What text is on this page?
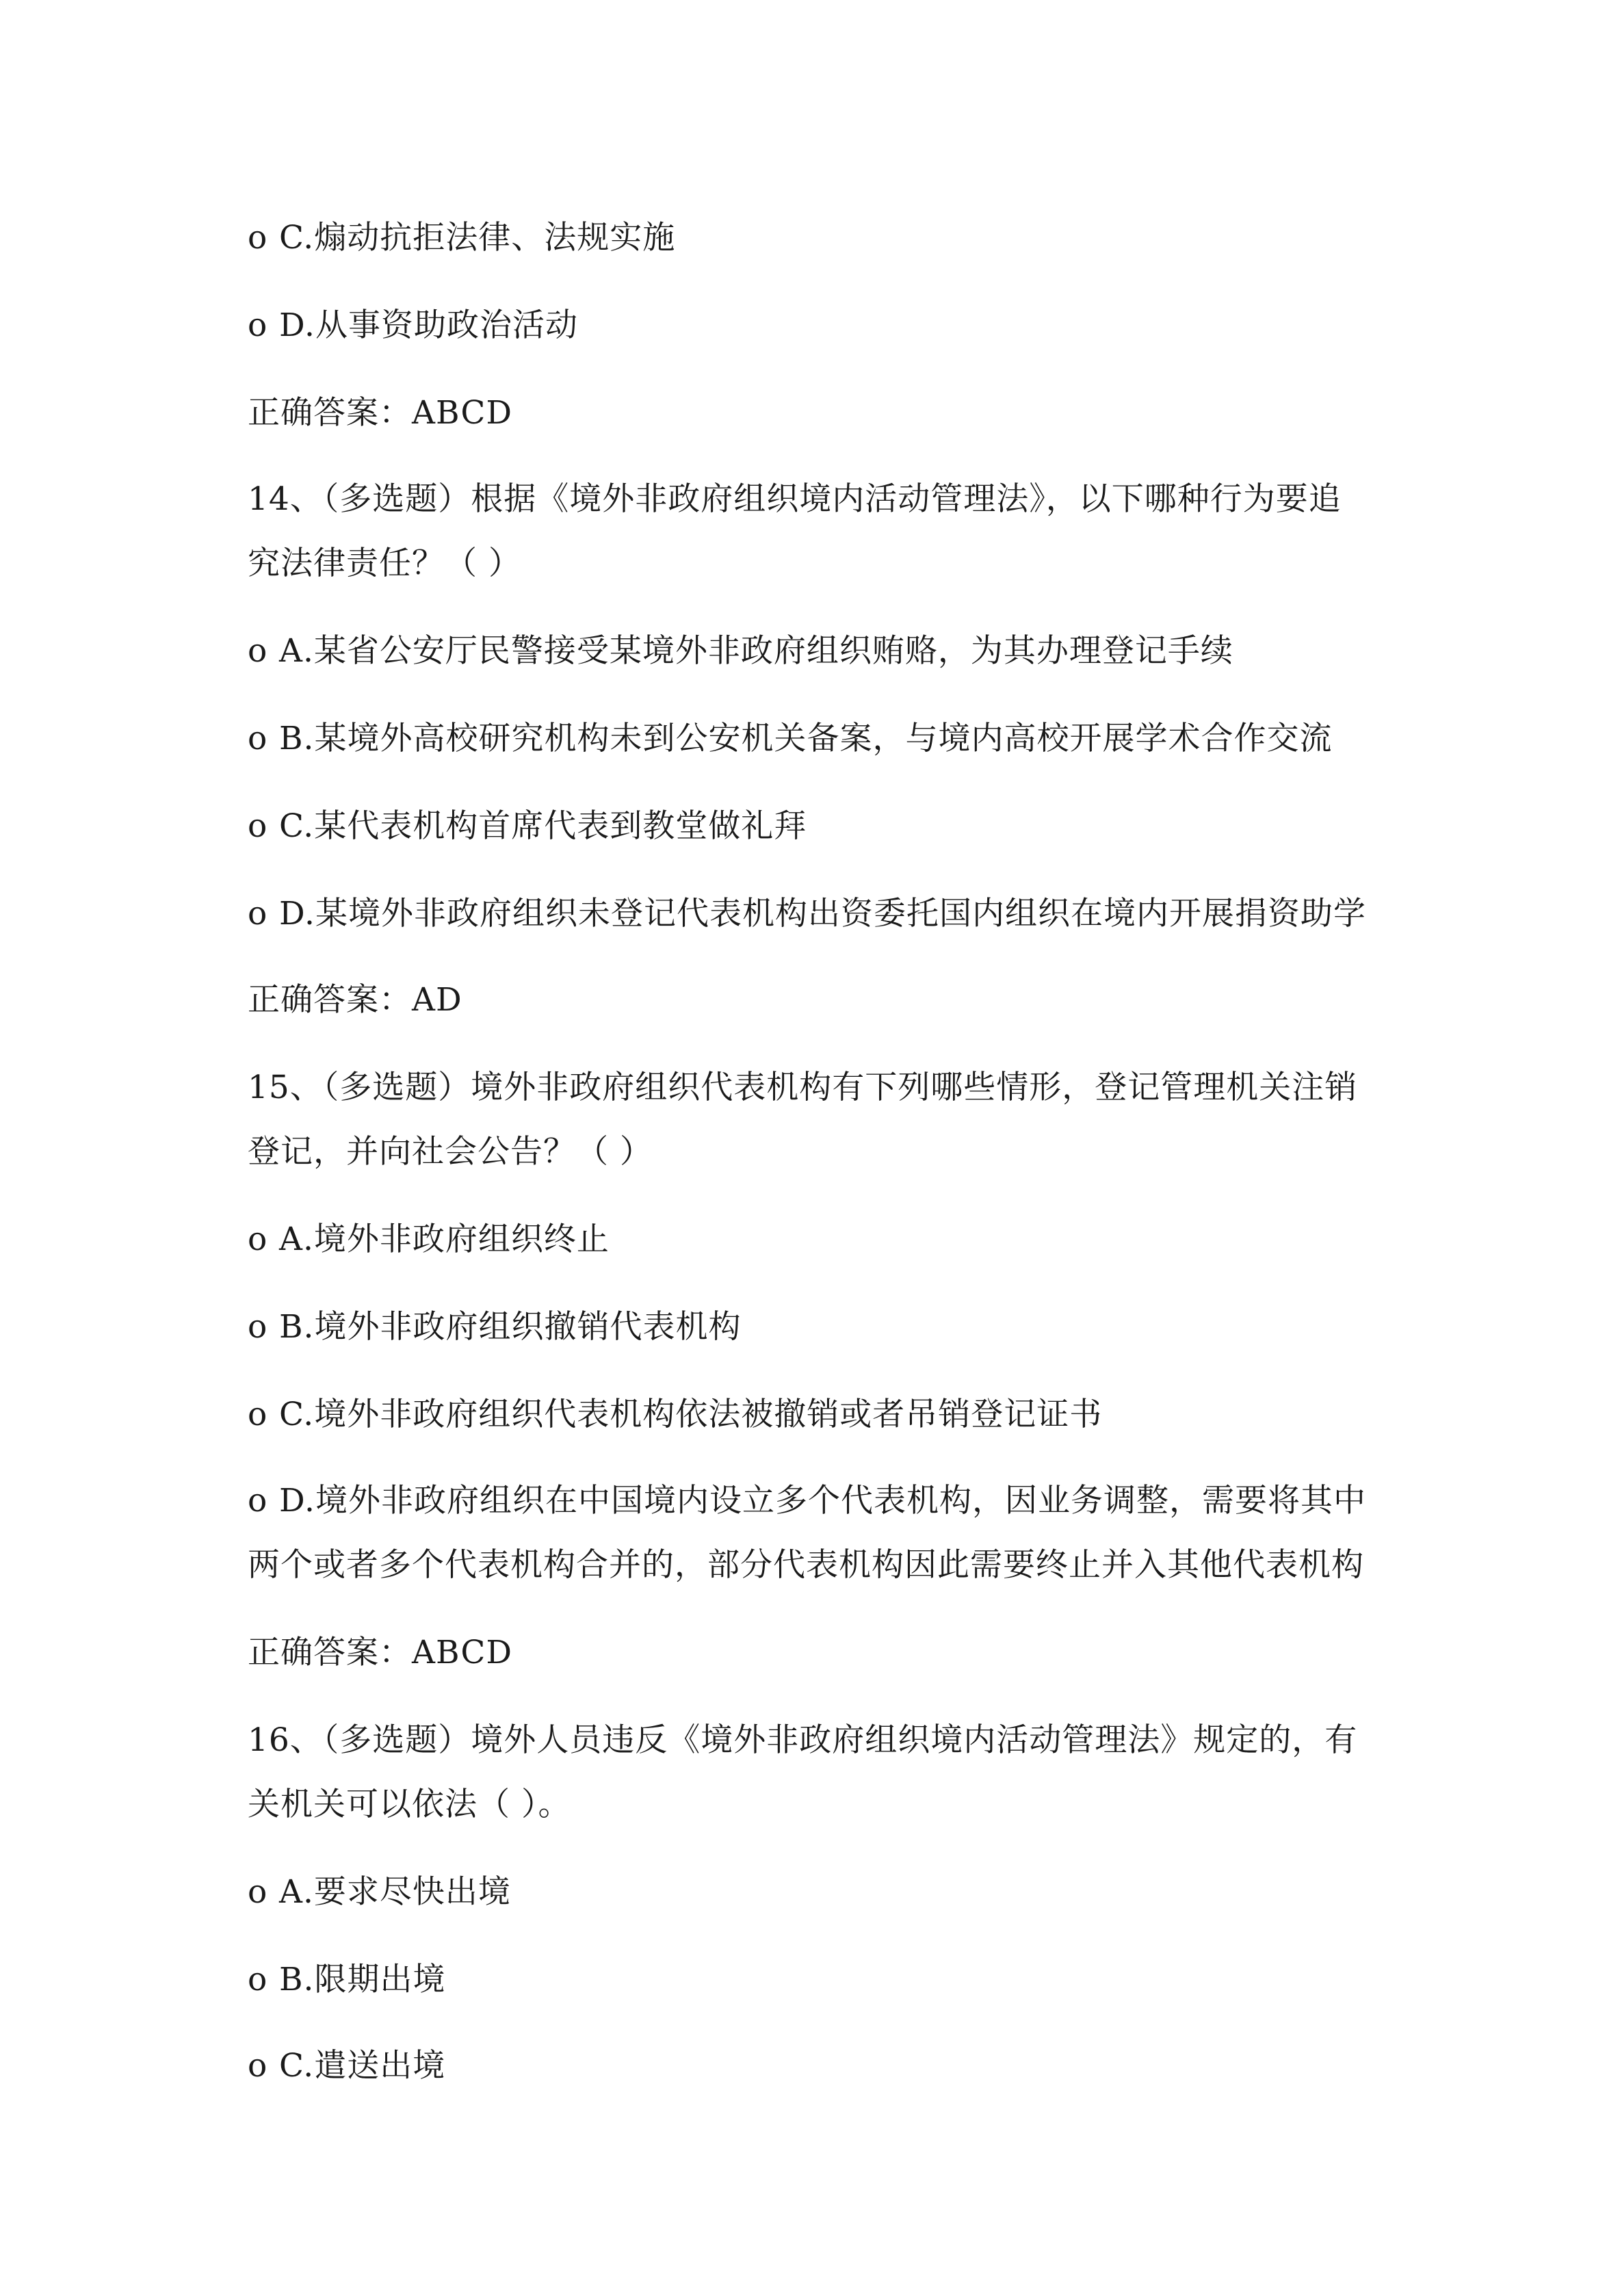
o C.煽动抗拒法律、法规实施
o D.从事资助政治活动
正确答案：ABCD
14、（多选题）根据《境外非政府组织境内活动管理法》，以下哪种行为要追
究法律责任？（ ）
o A.某省公安厅民警接受某境外非政府组织贿赂，为其办理登记手续
o B.某境外高校研究机构未到公安机关备案，与境内高校开展学术合作交流
o C.某代表机构首席代表到教堂做礼拜
o D.某境外非政府组织未登记代表机构出资委托国内组织在境内开展捐资助学
正确答案：AD
15、（多选题）境外非政府组织代表机构有下列哪些情形，登记管理机关注销
登记，并向社会公告？（ ）
o A.境外非政府组织终止
o B.境外非政府组织撤销代表机构
o C.境外非政府组织代表机构依法被撤销或者吊销登记证书
o D.境外非政府组织在中国境内设立多个代表机构，因业务调整，需要将其中
两个或者多个代表机构合并的，部分代表机构因此需要终止并入其他代表机构
正确答案：ABCD
16、（多选题）境外人员违反《境外非政府组织境内活动管理法》规定的，有
关机关可以依法（ ）。
o A.要求尽快出境
o B.限期出境
o C.遣送出境
